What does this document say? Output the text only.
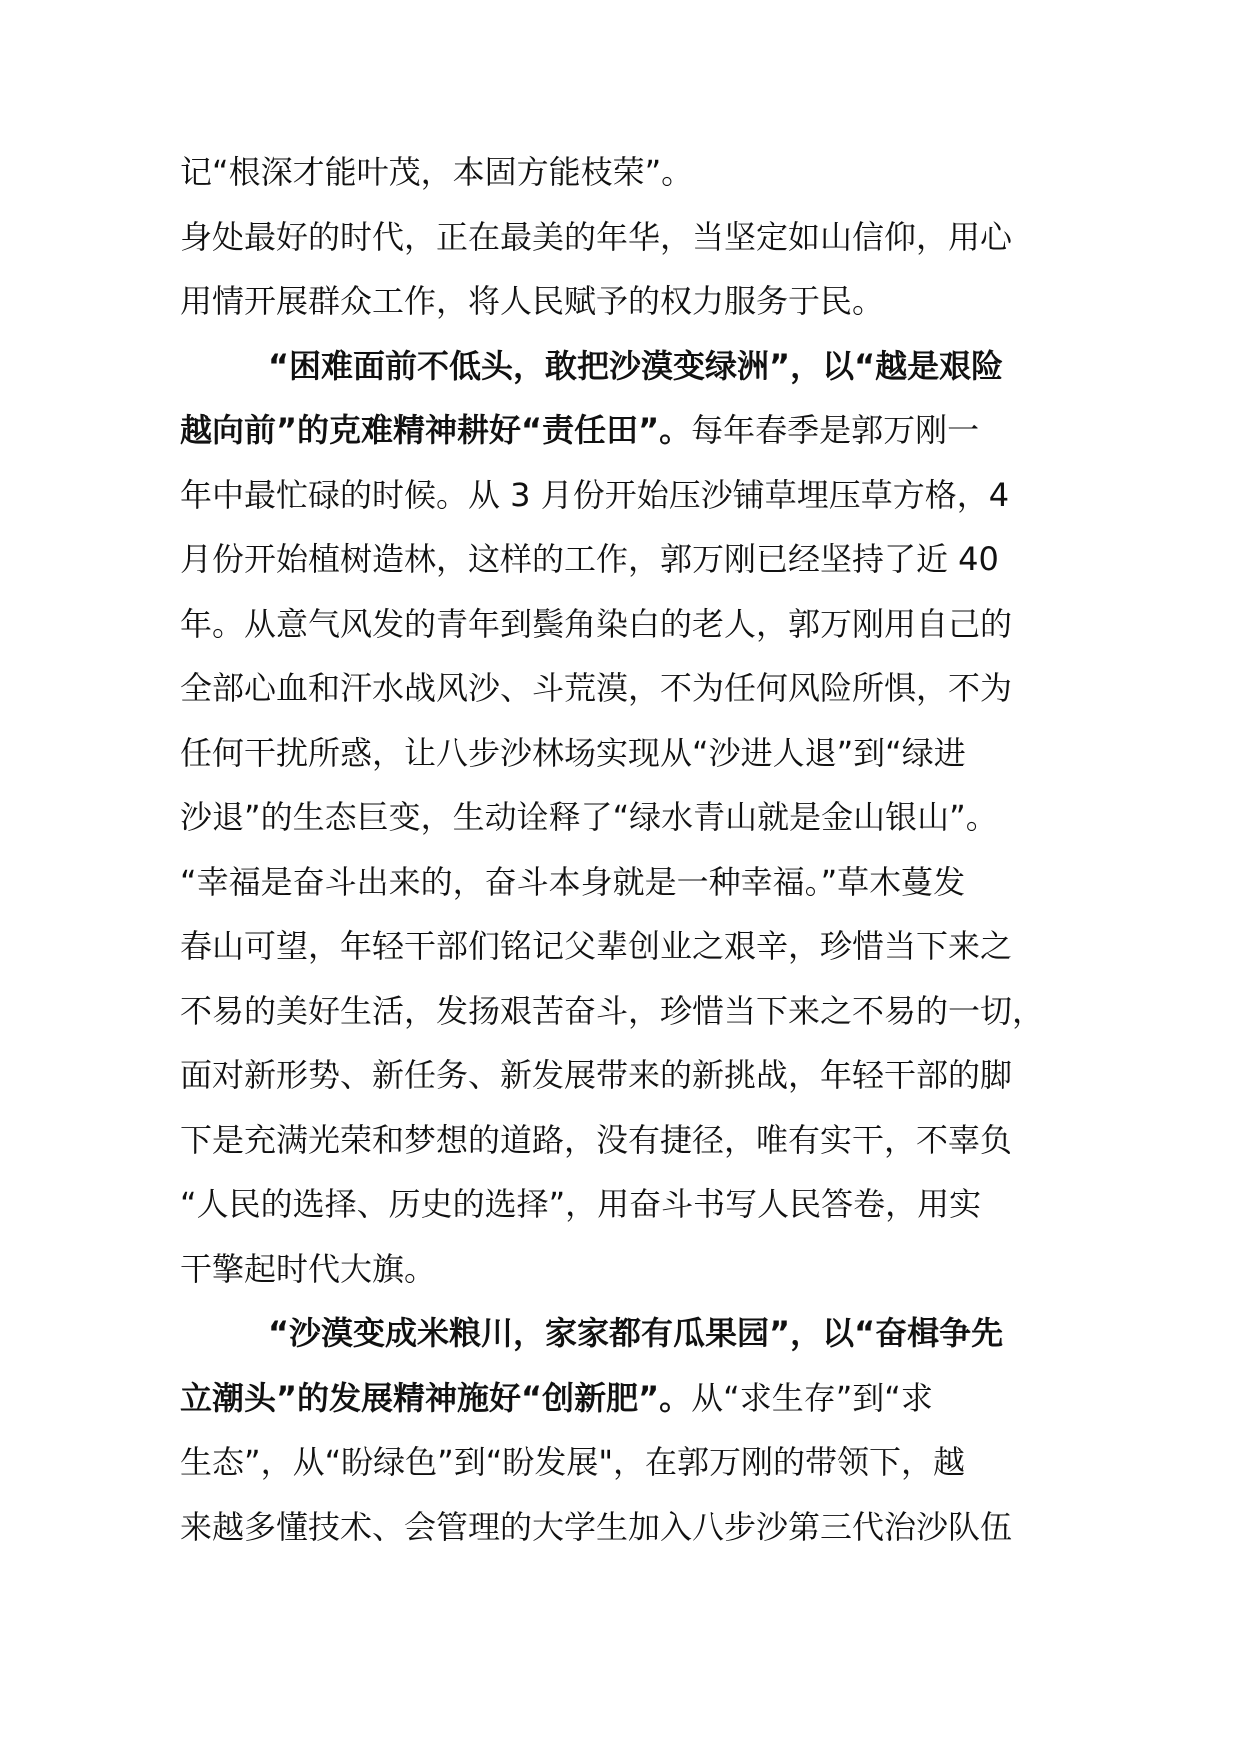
记“根深才能叶茂，本固方能枝荣”。
身处最好的时代，正在最美的年华，当坚定如山信仰，用心
用情开展群众工作，将人民赋予的权力服务于民。
“困难面前不低头，敢把沙漠变绿洲”，以“越是艰险
越向前”的克难精神耕好“责任田”。每年春季是郭万刚一
年中最忙碌的时候。从 3 月份开始压沙铺草埋压草方格，4
月份开始植树造林，这样的工作，郭万刚已经坚持了近 40
年。从意气风发的青年到鬓角染白的老人，郭万刚用自己的
全部心血和汗水战风沙、斗荒漠，不为任何风险所惧，不为
任何干扰所惑，让八步沙林场实现从“沙进人退”到“绿进
沙退”的生态巨变，生动诠释了“绿水青山就是金山银山”。
“幸福是奋斗出来的，奋斗本身就是一种幸福。”草木蔓发
春山可望，年轻干部们铭记父辈创业之艰辛，珍惜当下来之
不易的美好生活，发扬艰苦奋斗，珍惜当下来之不易的一切，
面对新形势、新任务、新发展带来的新挑战，年轻干部的脚
下是充满光荣和梦想的道路，没有捷径，唯有实干，不辜负
“人民的选择、历史的选择”，用奋斗书写人民答卷，用实
干擎起时代大旗。
“沙漠变成米粮川，家家都有瓜果园”，以“奋楫争先
立潮头”的发展精神施好“创新肥”。从“求生存”到“求
生态”，从“盼绿色”到“盼发展"，在郭万刚的带领下，越
来越多懂技术、会管理的大学生加入八步沙第三代治沙队伍
